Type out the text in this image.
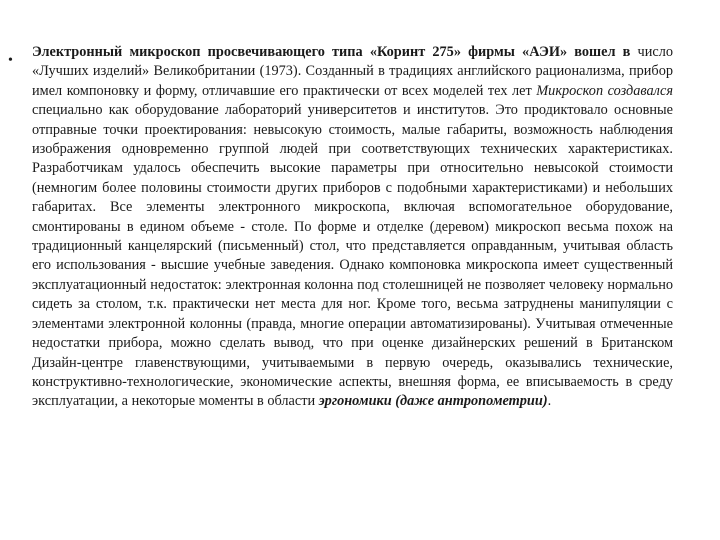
•

Электронный микроскоп просвечивающего типа «Коринт 275» фирмы «АЭИ» вошел в число «Лучших изделий» Великобритании (1973). Созданный в традициях английского рационализма, прибор имел компоновку и форму, отличавшие его практически от всех моделей тех лет Микроскоп создавался специально как оборудование лабораторий университетов и институтов. Это продиктовало основные отправные точки проектирования: невысокую стоимость, малые габариты, возможность наблюдения изображения одновременно группой людей при соответствующих технических характеристиках. Разработчикам удалось обеспечить высокие параметры при относительно невысокой стоимости (немногим более половины стоимости других приборов с подобными характеристиками) и небольших габаритах. Все элементы электронного микроскопа, включая вспомогательное оборудование, смонтированы в едином объеме - столе. По форме и отделке (деревом) микроскоп весьма похож на традиционный канцелярский (письменный) стол, что представляется оправданным, учитывая область его использования - высшие учебные заведения. Однако компоновка микроскопа имеет существенный эксплуатационный недостаток: электронная колонна под столешницей не позволяет человеку нормально сидеть за столом, т.к. практически нет места для ног. Кроме того, весьма затруднены манипуляции с элементами электронной колонны (правда, многие операции автоматизированы). Учитывая отмеченные недостатки прибора, можно сделать вывод, что при оценке дизайнерских решений в Британском Дизайн-центре главенствующими, учитываемыми в первую очередь, оказывались технические, конструктивно-технологические, экономические аспекты, внешняя форма, ее вписываемость в среду эксплуатации, а некоторые моменты в области эргономики (даже антропометрии).
